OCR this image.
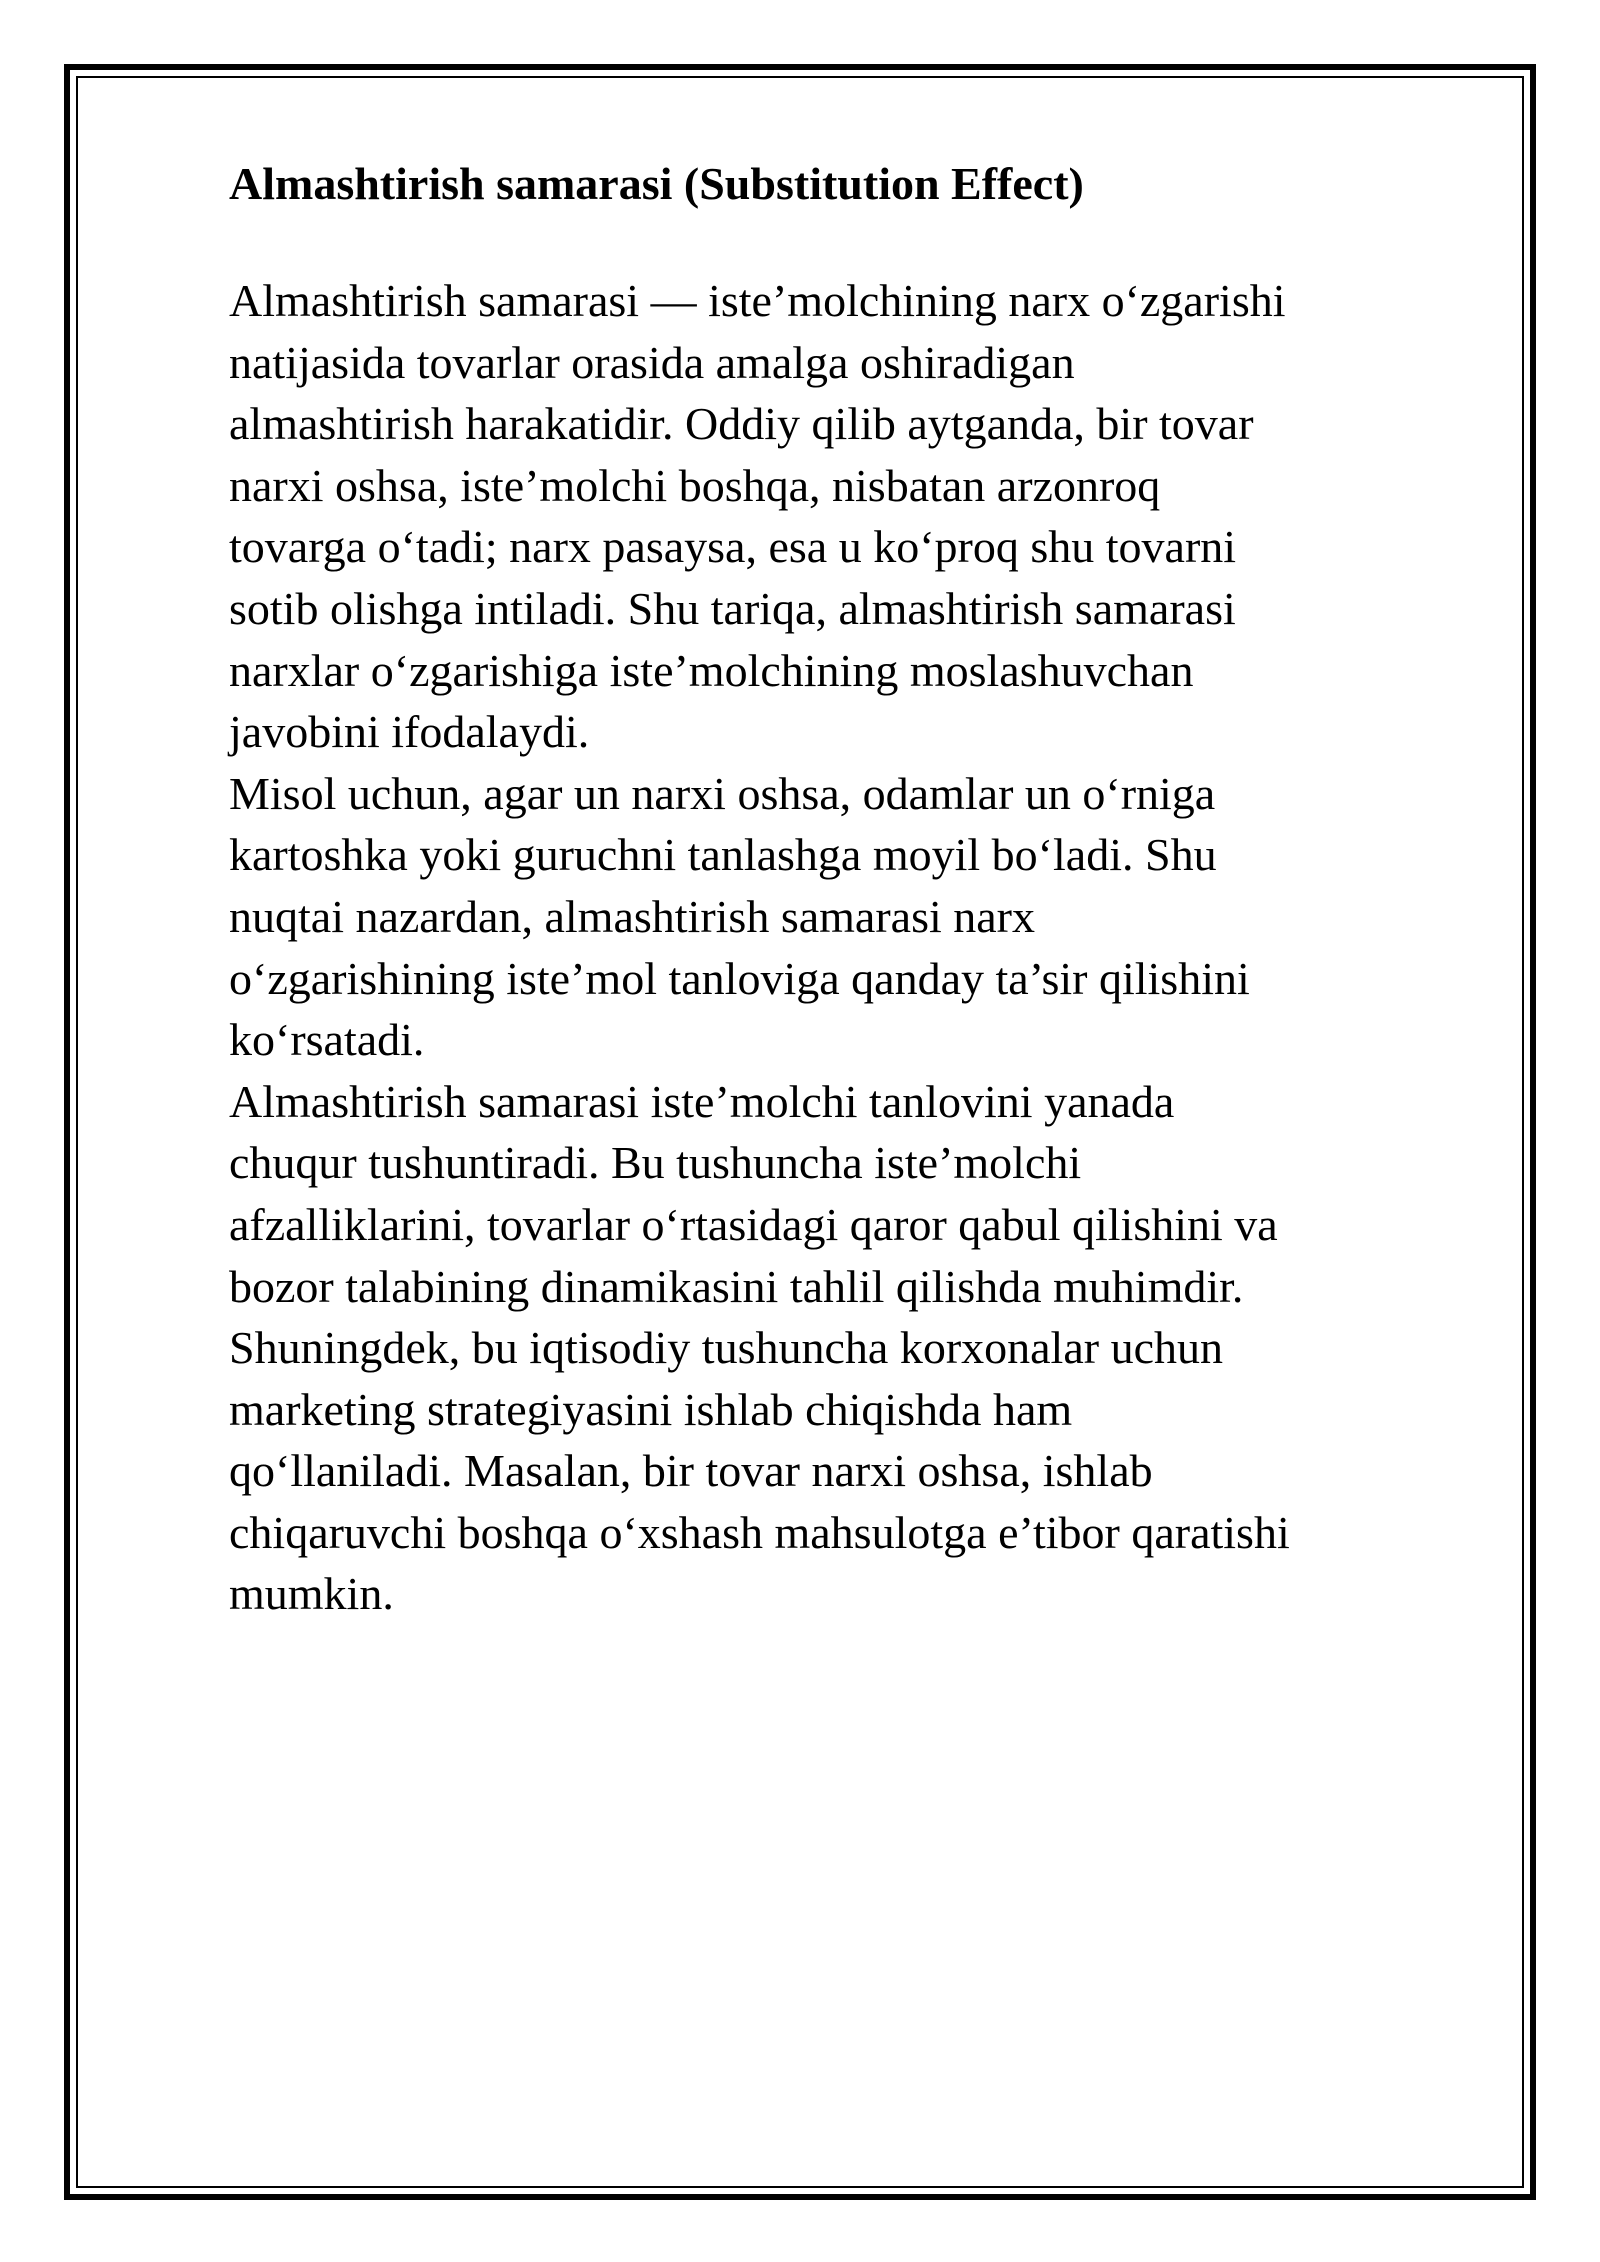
Almashtirish samarasi (Substitution Effect)
Almashtirish samarasi — iste’molchining narx o‘zgarishi
natijasida tovarlar orasida amalga oshiradigan
almashtirish harakatidir. Oddiy qilib aytganda, bir tovar
narxi oshsa, iste’molchi boshqa, nisbatan arzonroq
tovarga o‘tadi; narx pasaysa, esa u ko‘proq shu tovarni
sotib olishga intiladi. Shu tariqa, almashtirish samarasi
narxlar o‘zgarishiga iste’molchining moslashuvchan
javobini ifodalaydi.
Misol uchun, agar un narxi oshsa, odamlar un o‘rniga
kartoshka yoki guruchni tanlashga moyil bo‘ladi. Shu
nuqtai nazardan, almashtirish samarasi narx
o‘zgarishining iste’mol tanloviga qanday ta’sir qilishini
ko‘rsatadi.
Almashtirish samarasi iste’molchi tanlovini yanada
chuqur tushuntiradi. Bu tushuncha iste’molchi
afzalliklarini, tovarlar o‘rtasidagi qaror qabul qilishini va
bozor talabining dinamikasini tahlil qilishda muhimdir.
Shuningdek, bu iqtisodiy tushuncha korxonalar uchun
marketing strategiyasini ishlab chiqishda ham
qo‘llaniladi. Masalan, bir tovar narxi oshsa, ishlab
chiqaruvchi boshqa o‘xshash mahsulotga e’tibor qaratishi
mumkin.
